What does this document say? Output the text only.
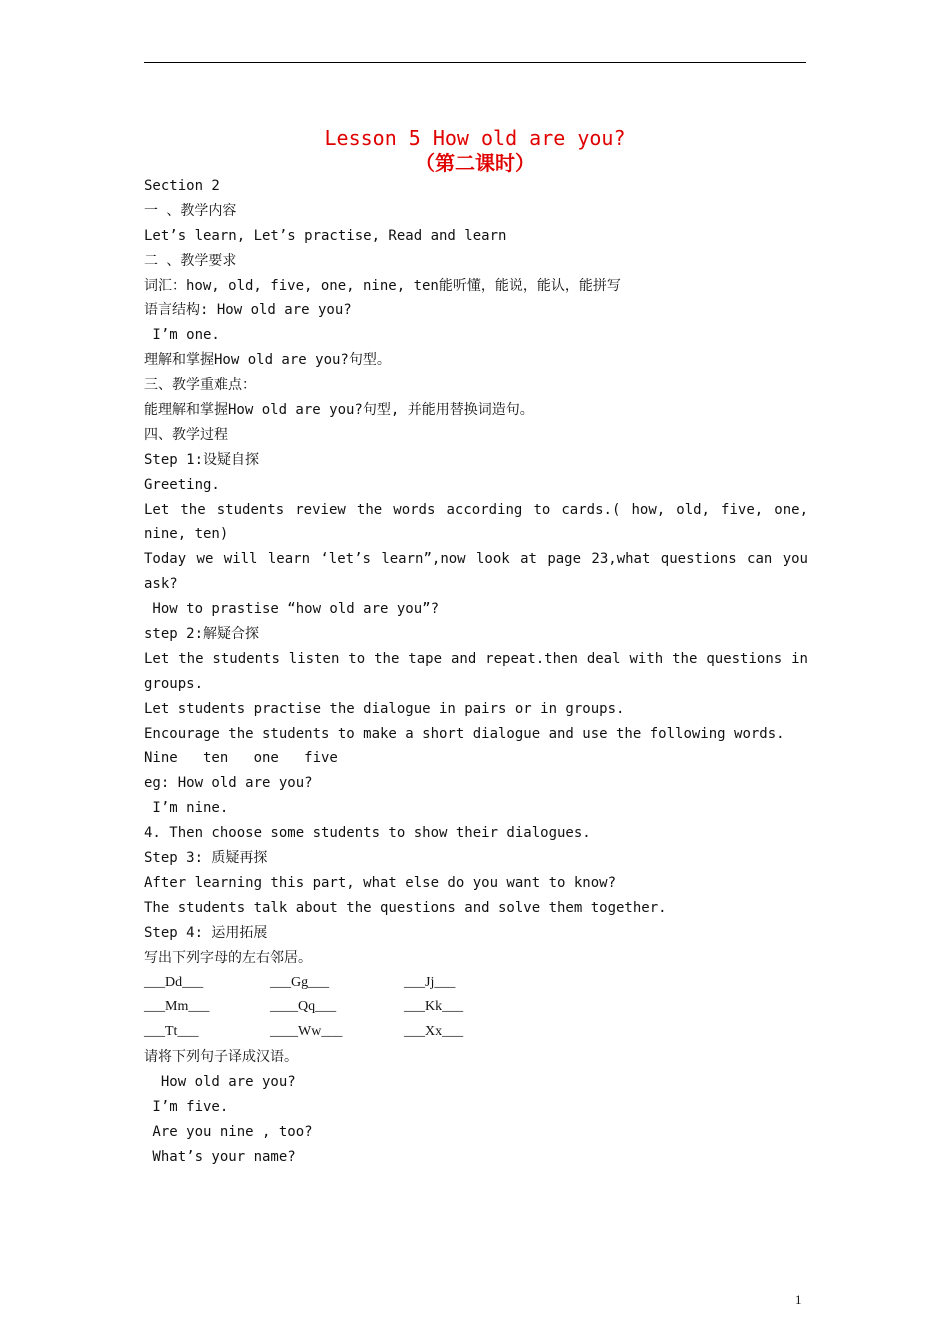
Lesson 5 How old are you?
（第二课时）
Section 2
一 、教学内容
Let’s learn, Let’s practise, Read and learn
二 、教学要求
词汇：how, old, five, one, nine, ten能听懂，能说，能认，能拼写
语言结构: How old are you?
I’m one.
理解和掌握How old are you?句型。
三、教学重难点：
能理解和掌握How old are you?句型, 并能用替换词造句。
四、教学过程
Step 1:设疑自探
Greeting.
Let the students review the words according to cards.( how, old, five, one,
nine, ten)
Today we will learn ‘let’s learn”,now look at page 23,what questions can you
ask?
How to prastise “how old are you”?
step 2:解疑合探
Let the students listen to the tape and repeat.then deal with the questions in
groups.
Let students practise the dialogue in pairs or in groups.
Encourage the students to make a short dialogue and use the following words.
Nine   ten   one   five
eg: How old are you?
I’m nine.
4. Then choose some students to show their dialogues.
Step 3: 质疑再探
After learning this part, what else do you want to know?
The students talk about the questions and solve them together.
Step 4: 运用拓展
写出下列字母的左右邻居。
___Dd___	___Gg___	___Jj___
___Mm___	____Qq___	___Kk___
___Tt___	____Ww___	___Xx___
请将下列句子译成汉语。
How old are you?
I’m five.
Are you nine , too?
What’s your name?
1
